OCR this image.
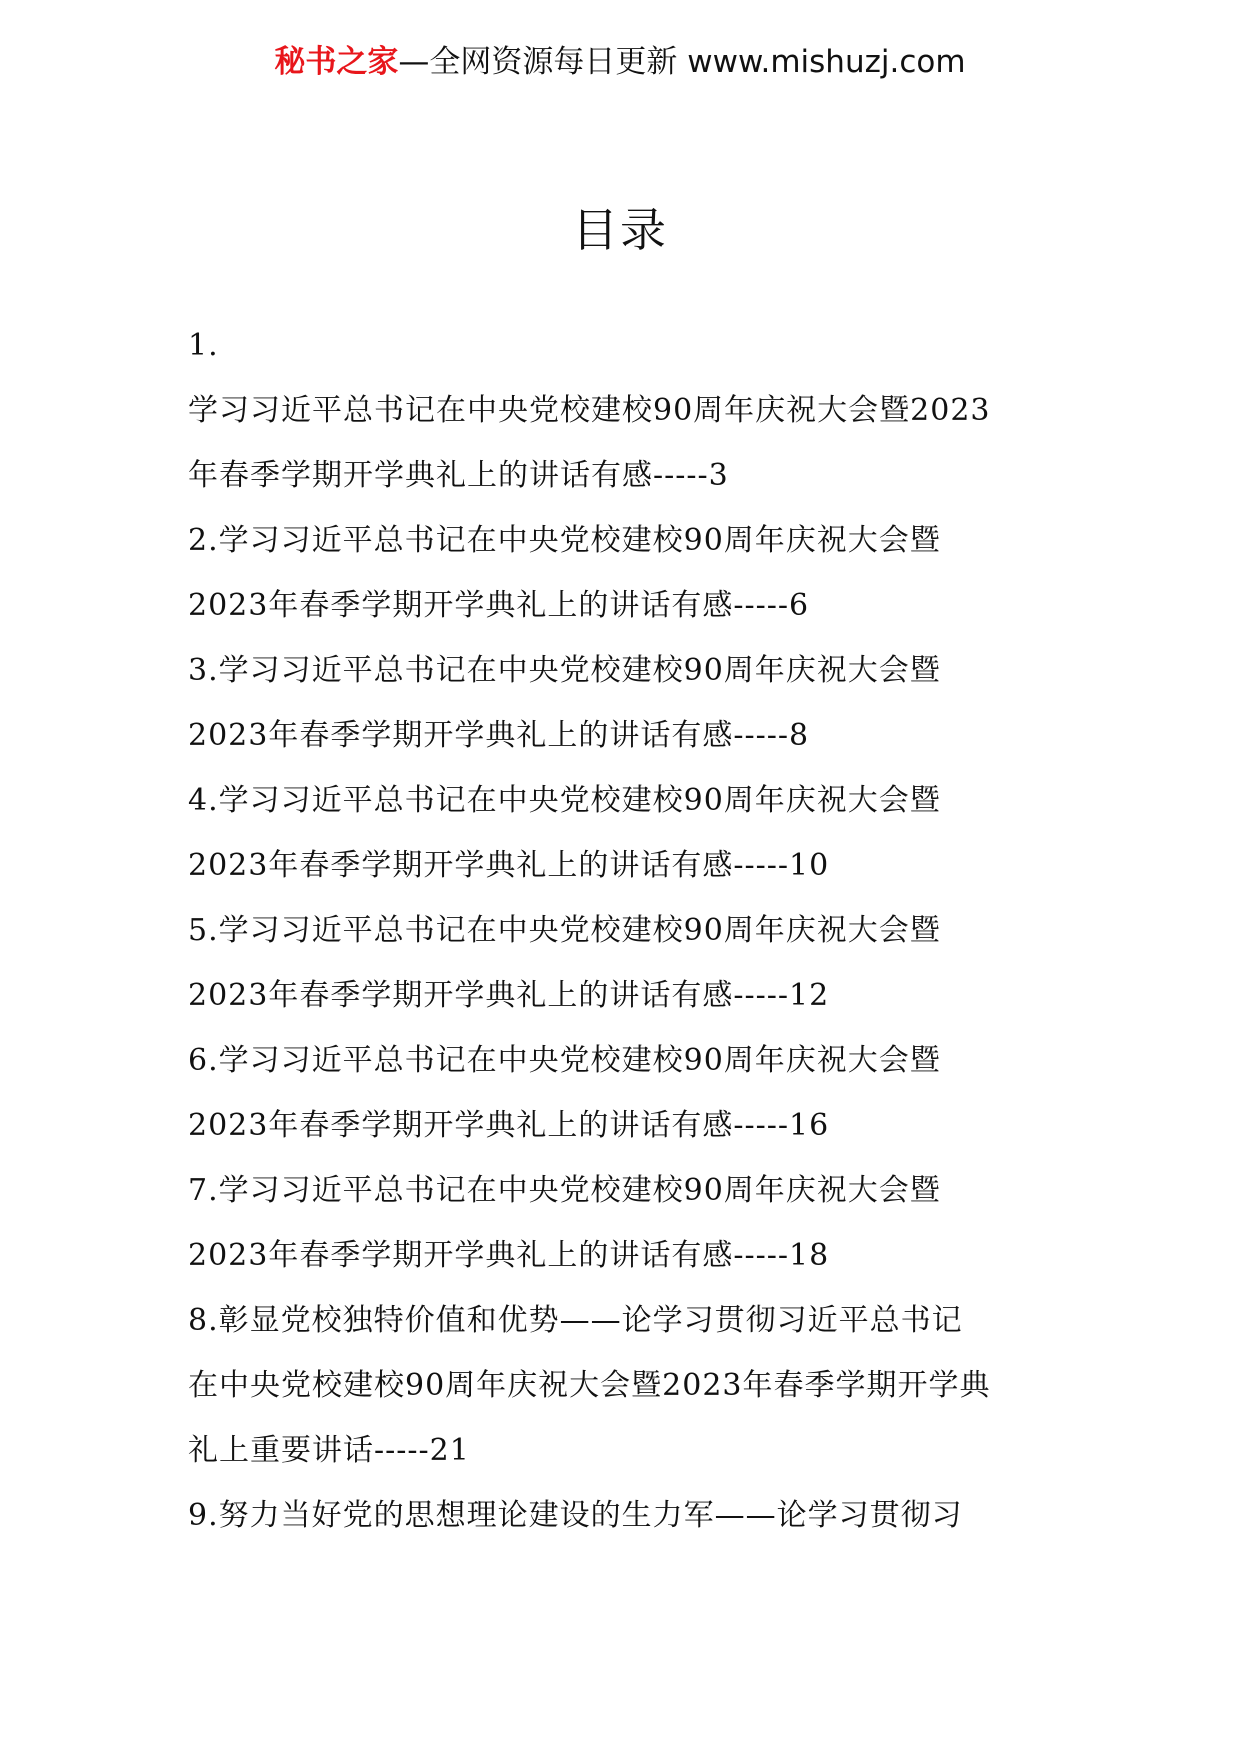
秘书之家—全网资源每日更新 www.mishuzj.com
目录
1.
学习习近平总书记在中央党校建校90周年庆祝大会暨2023
年春季学期开学典礼上的讲话有感-----3
2.学习习近平总书记在中央党校建校90周年庆祝大会暨
2023年春季学期开学典礼上的讲话有感-----6
3.学习习近平总书记在中央党校建校90周年庆祝大会暨
2023年春季学期开学典礼上的讲话有感-----8
4.学习习近平总书记在中央党校建校90周年庆祝大会暨
2023年春季学期开学典礼上的讲话有感-----10
5.学习习近平总书记在中央党校建校90周年庆祝大会暨
2023年春季学期开学典礼上的讲话有感-----12
6.学习习近平总书记在中央党校建校90周年庆祝大会暨
2023年春季学期开学典礼上的讲话有感-----16
7.学习习近平总书记在中央党校建校90周年庆祝大会暨
2023年春季学期开学典礼上的讲话有感-----18
8.彰显党校独特价值和优势——论学习贯彻习近平总书记
在中央党校建校90周年庆祝大会暨2023年春季学期开学典
礼上重要讲话-----21
9.努力当好党的思想理论建设的生力军——论学习贯彻习
